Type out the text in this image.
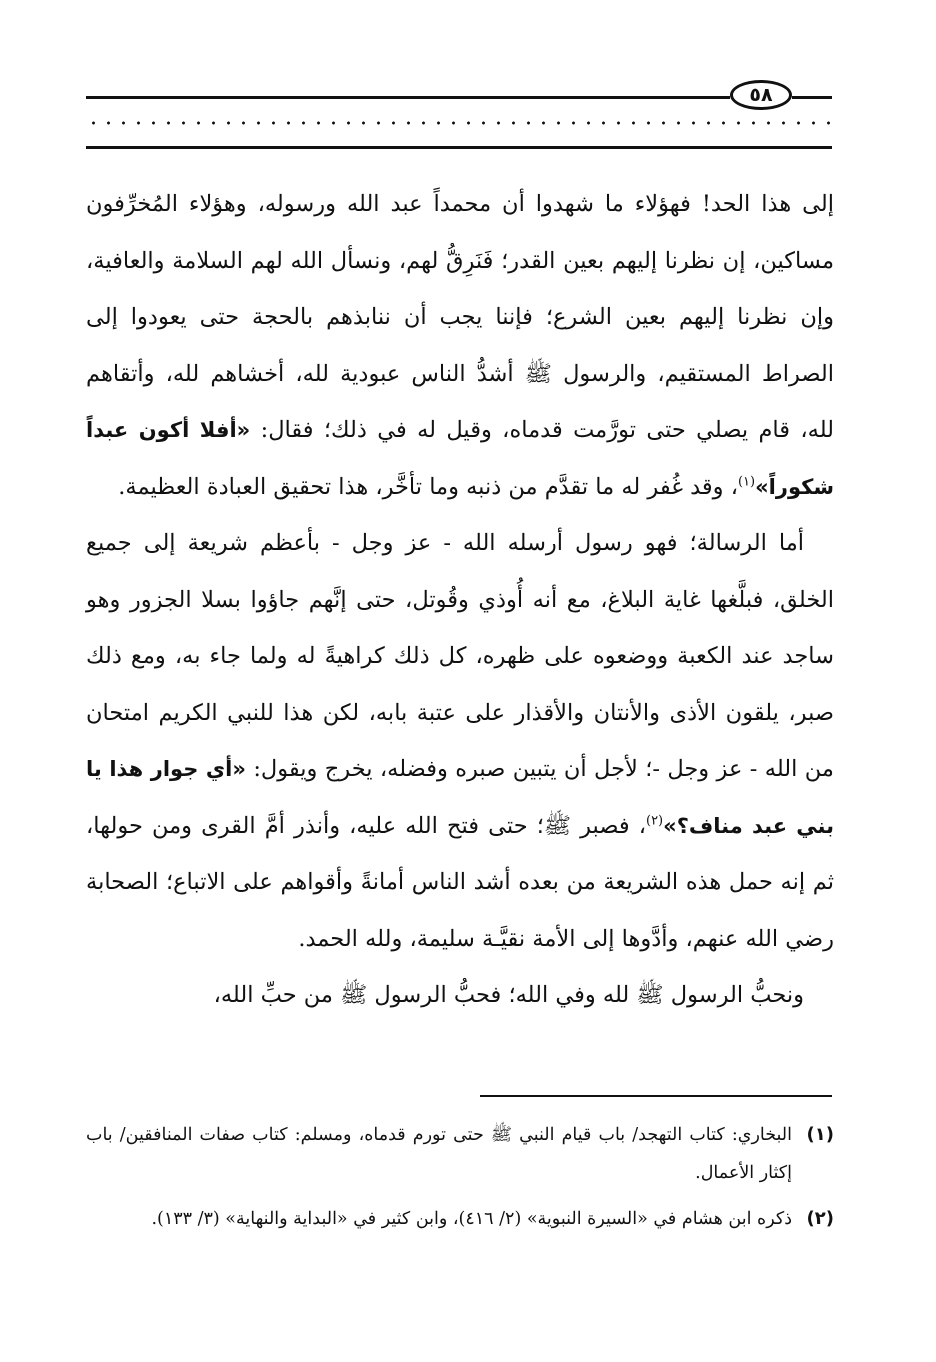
٥٨

إلى هذا الحد! فهؤلاء ما شهدوا أن محمداً عبد الله ورسوله، وهؤلاء المُخرِّفون مساكين، إن نظرنا إليهم بعين القدر؛ فَنَرِقُّ لهم، ونسأل الله لهم السلامة والعافية، وإن نظرنا إليهم بعين الشرع؛ فإننا يجب أن ننابذهم بالحجة حتى يعودوا إلى الصراط المستقيم، والرسول ﷺ أشدُّ الناس عبودية لله، أخشاهم لله، وأتقاهم لله، قام يصلي حتى تورَّمت قدماه، وقيل له في ذلك؛ فقال: «أفلا أكون عبداً شكوراً»$^{(١)}$، وقد غُفر له ما تقدَّم من ذنبه وما تأخَّر، هذا تحقيق العبادة العظيمة.

أما الرسالة؛ فهو رسول أرسله الله - عز وجل - بأعظم شريعة إلى جميع الخلق، فبلَّغها غاية البلاغ، مع أنه أُوذي وقُوتل، حتى إنَّهم جاؤوا بسلا الجزور وهو ساجد عند الكعبة ووضعوه على ظهره، كل ذلك كراهيةً له ولما جاء به، ومع ذلك صبر، يلقون الأذى والأنتان والأقذار على عتبة بابه، لكن هذا للنبي الكريم امتحان من الله - عز وجل -؛ لأجل أن يتبين صبره وفضله، يخرج ويقول: «أي جوار هذا يا بني عبد مناف؟»$^{(٢)}$، فصبر ﷺ؛ حتى فتح الله عليه، وأنذر أمَّ القرى ومن حولها، ثم إنه حمل هذه الشريعة من بعده أشد الناس أمانةً وأقواهم على الاتباع؛ الصحابة رضي الله عنهم، وأدَّوها إلى الأمة نقيَّـة سليمة، ولله الحمد.

ونحبُّ الرسول ﷺ لله وفي الله؛ فحبُّ الرسول ﷺ من حبِّ الله،

(١)
البخاري: كتاب التهجد/ باب قيام النبي ﷺ حتى تورم قدماه، ومسلم: كتاب صفات المنافقين/ باب إكثار الأعمال.
(٢)
ذكره ابن هشام في «السيرة النبوية» (٢/ ٤١٦)، وابن كثير في «البداية والنهاية» (٣/ ١٣٣).
